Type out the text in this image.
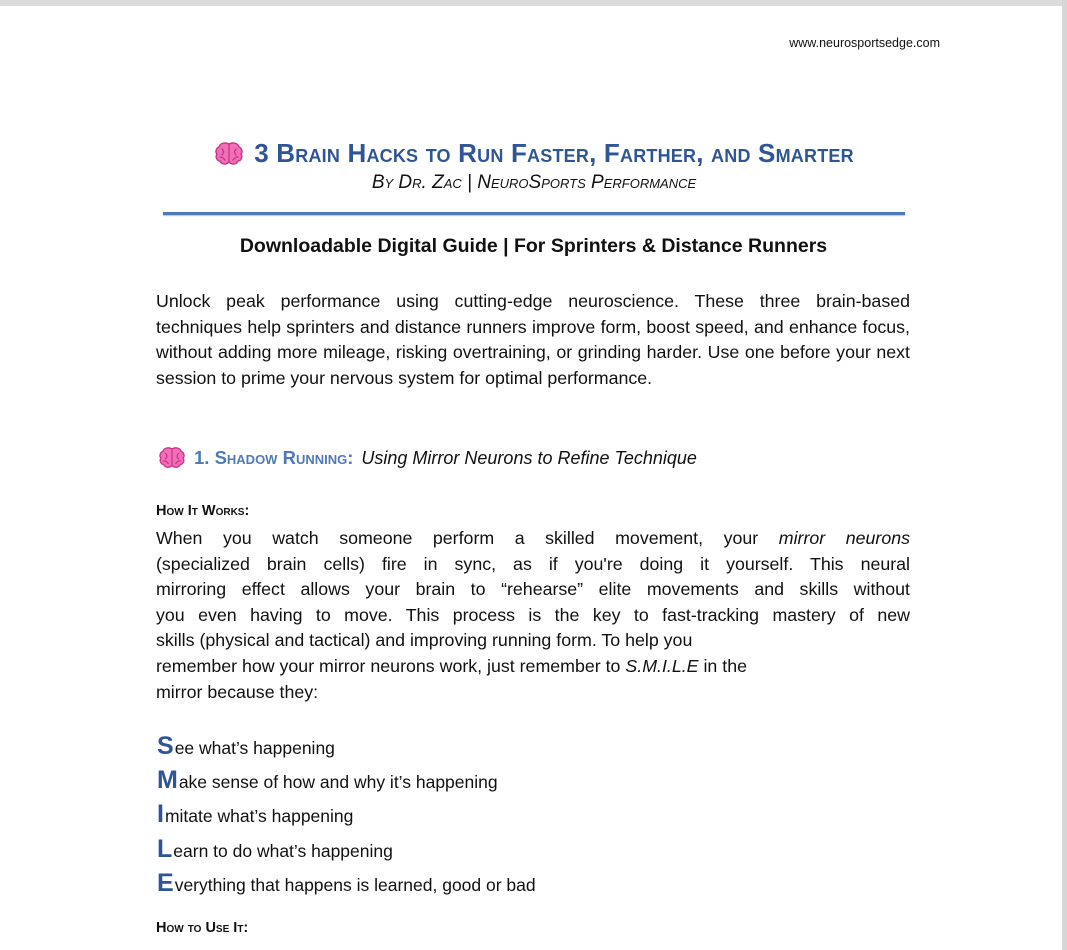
www.neurosportsedge.com
3 Brain Hacks to Run Faster, Farther, and Smarter
By Dr. Zac | NeuroSports Performance
Downloadable Digital Guide | For Sprinters & Distance Runners
Unlock peak performance using cutting-edge neuroscience. These three brain-based techniques help sprinters and distance runners improve form, boost speed, and enhance focus, without adding more mileage, risking overtraining, or grinding harder. Use one before your next session to prime your nervous system for optimal performance.
1. Shadow Running: Using Mirror Neurons to Refine Technique
How It Works:
When you watch someone perform a skilled movement, your mirror neurons
(specialized brain cells) fire in sync, as if you're doing it yourself. This neural
mirroring effect allows your brain to “rehearse” elite movements and skills without
you even having to move. This process is the key to fast-tracking mastery of new
skills (physical and tactical) and improving running form. To help you
remember how your mirror neurons work, just remember to S.M.I.L.E in the
mirror because they:
See what’s happening
Make sense of how and why it’s happening
Imitate what’s happening
Learn to do what’s happening
Everything that happens is learned, good or bad
How to Use It:
